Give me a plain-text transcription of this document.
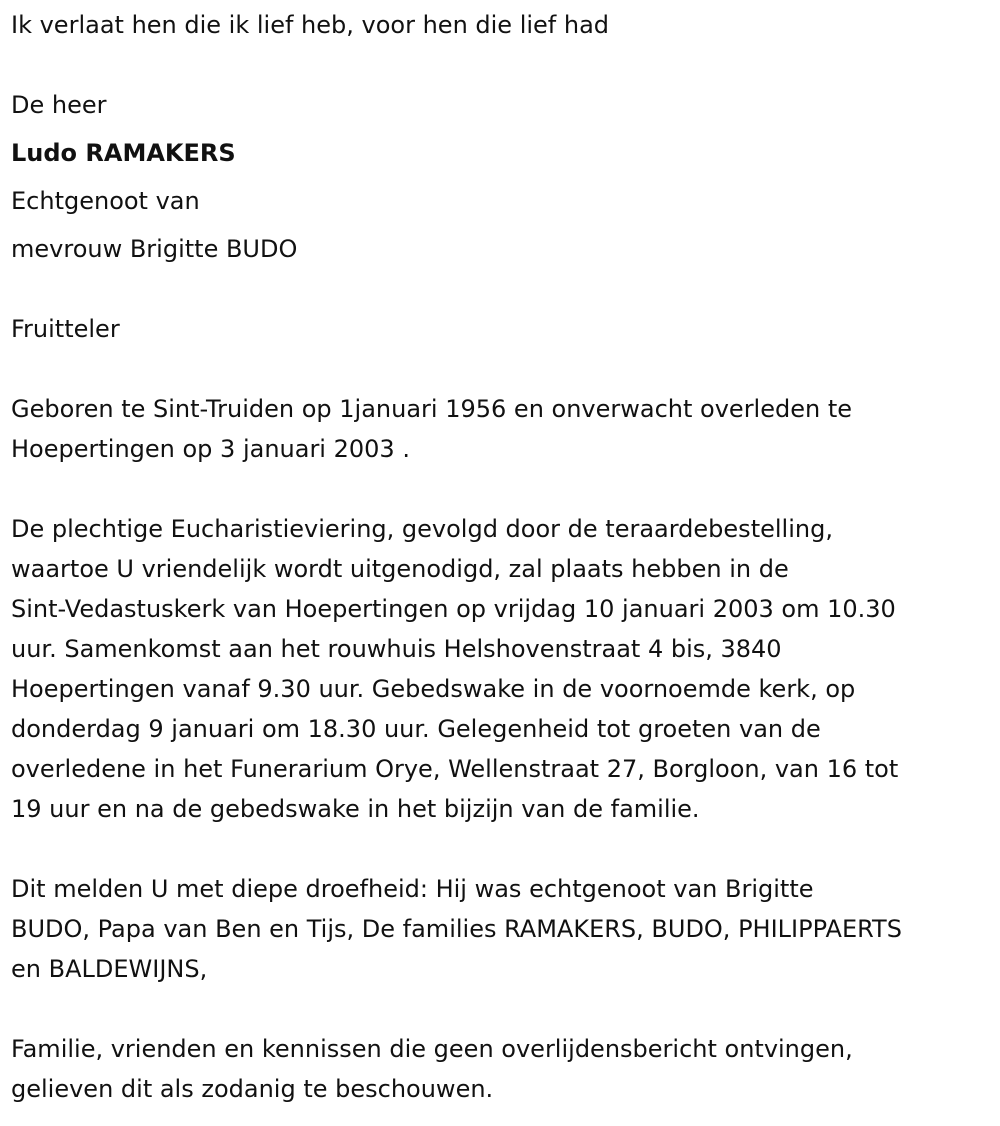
Ik verlaat hen die ik lief heb, voor hen die lief had

De heer

Ludo RAMAKERS

Echtgenoot van

mevrouw Brigitte BUDO

Fruitteler

Geboren te Sint-Truiden op 1januari 1956 en onverwacht overleden te

Hoepertingen op 3 januari 2003 .

De plechtige Eucharistieviering, gevolgd door de teraardebestelling,

waartoe U vriendelijk wordt uitgenodigd, zal plaats hebben in de

Sint-Vedastuskerk van Hoepertingen op vrijdag 10 januari 2003 om 10.30

uur. Samenkomst aan het rouwhuis Helshovenstraat 4 bis, 3840

Hoepertingen vanaf 9.30 uur. Gebedswake in de voornoemde kerk, op

donderdag 9 januari om 18.30 uur. Gelegenheid tot groeten van de

overledene in het Funerarium Orye, Wellenstraat 27, Borgloon, van 16 tot

19 uur en na de gebedswake in het bijzijn van de familie.

Dit melden U met diepe droefheid: Hij was echtgenoot van Brigitte

BUDO, Papa van Ben en Tijs, De families RAMAKERS, BUDO, PHILIPPAERTS

en BALDEWIJNS,

Familie, vrienden en kennissen die geen overlijdensbericht ontvingen,

gelieven dit als zodanig te beschouwen.
